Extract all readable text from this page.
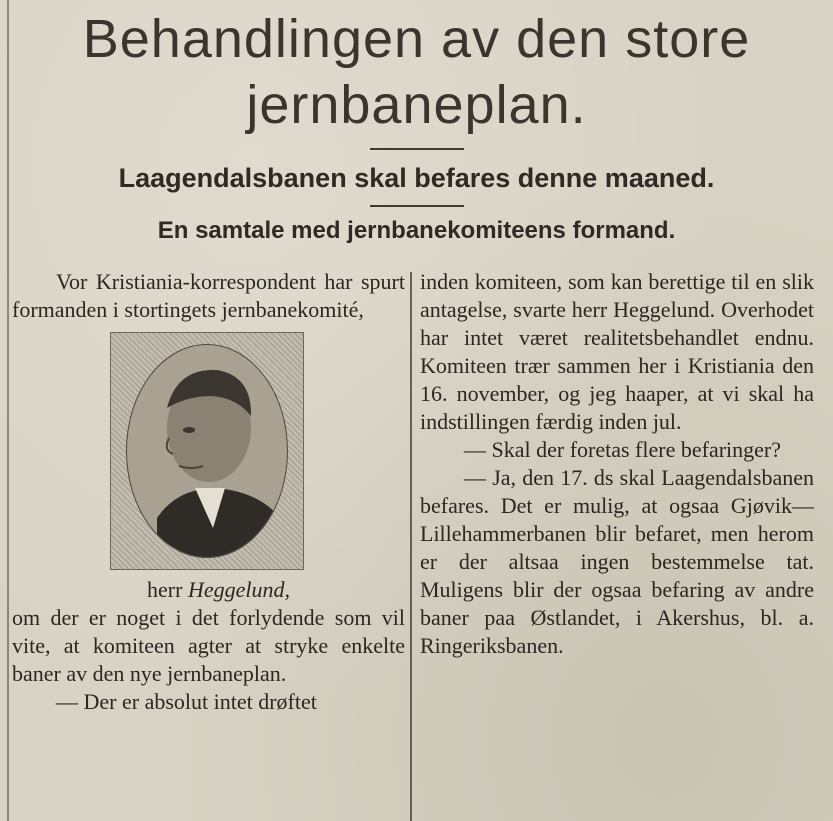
Behandlingen av den store
jernbaneplan.
Laagendalsbanen skal befares denne maaned.
En samtale med jernbanekomiteens formand.

Vor Kristiania-korrespondent har spurt formanden i stortingets jernbanekomité,

herr Heggelund,

om der er noget i det forlydende som vil vite, at komiteen agter at stryke enkelte baner av den nye jernbaneplan.

— Der er absolut intet drøftet

inden komiteen, som kan berettige til en slik antagelse, svarte herr Heggelund. Overhodet har intet været realitetsbehandlet endnu. Komiteen træ​r sammen her i Kristiania den 16. november, og jeg haaper, at vi skal ha indstillingen færdig inden jul.

— Skal der foretas flere befaringer?

— Ja, den 17. ds skal Laagendalsbanen befares. Det er mulig, at ogsaa Gjøvik—Lillehammerbanen blir befaret, men herom er der altsaa ingen bestemmelse tat. Muligens blir der ogsaa befaring av andre baner paa Østlandet, i Akershus, bl. a. Ringeriksbanen.
